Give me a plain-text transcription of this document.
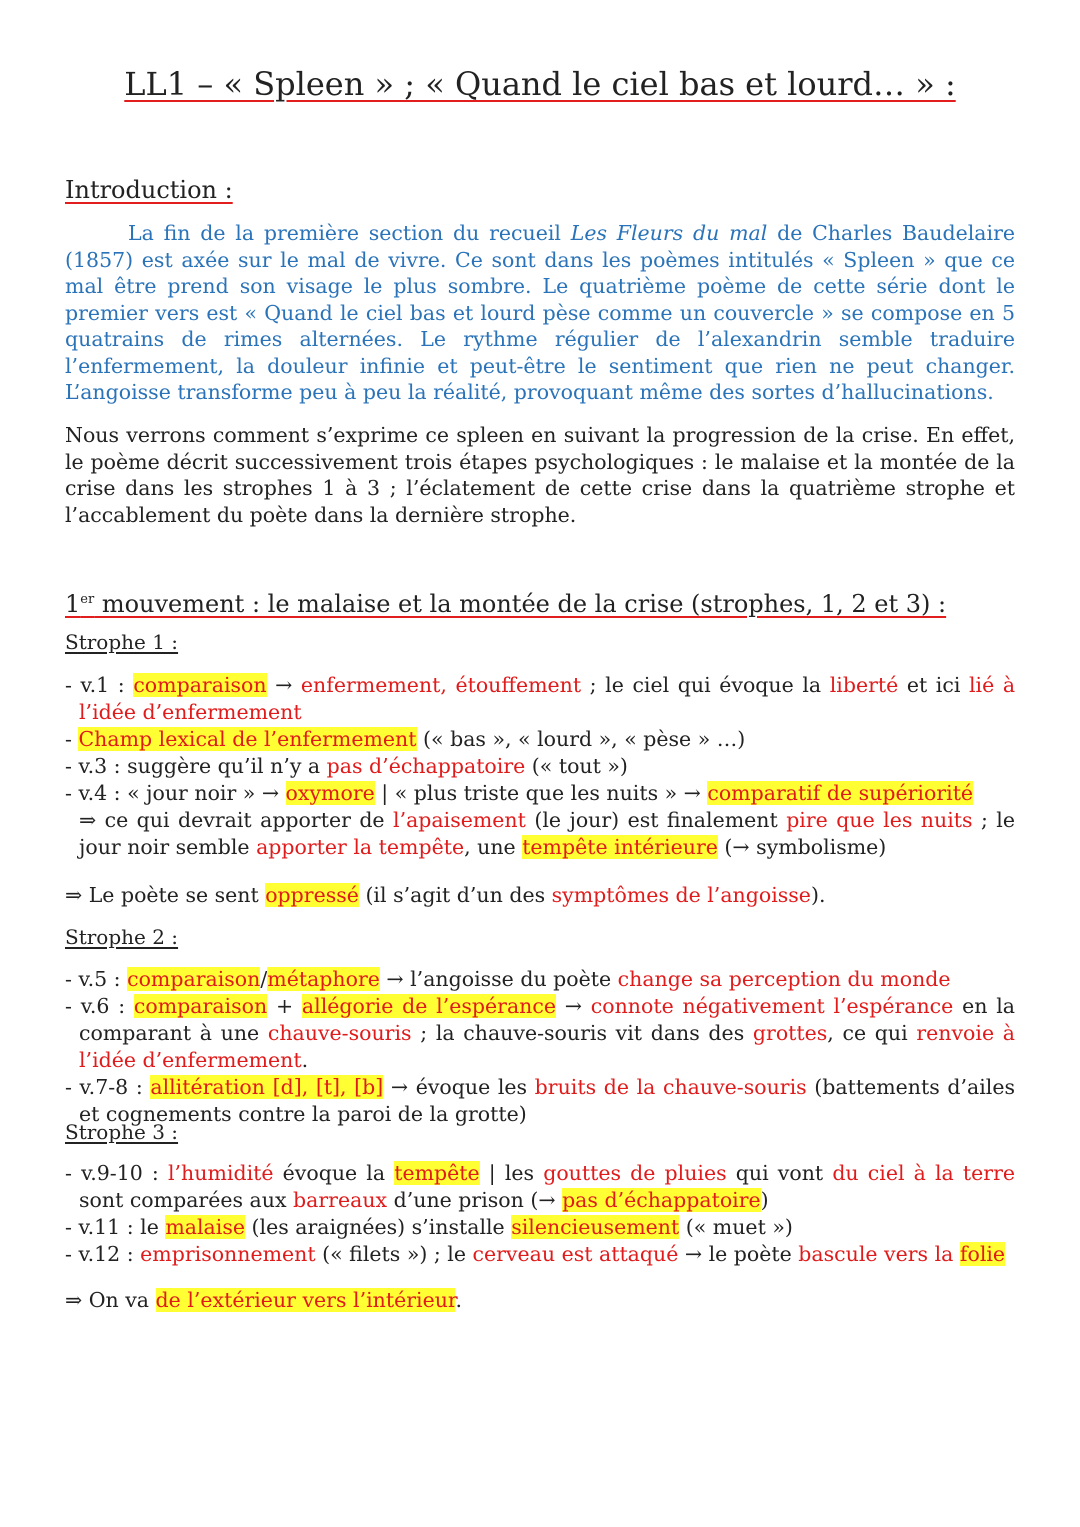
LL1 – « Spleen » ; « Quand le ciel bas et lourd… » :
Introduction :
La fin de la première section du recueil Les Fleurs du mal de Charles Baudelaire (1857) est axée sur le mal de vivre. Ce sont dans les poèmes intitulés « Spleen » que ce mal être prend son visage le plus sombre. Le quatrième poème de cette série dont le premier vers est « Quand le ciel bas et lourd pèse comme un couvercle » se compose en 5 quatrains de rimes alternées. Le rythme régulier de l’alexandrin semble traduire l’enfermement, la douleur infinie et peut-être le sentiment que rien ne peut changer. L’angoisse transforme peu à peu la réalité, provoquant même des sortes d’hallucinations.
Nous verrons comment s’exprime ce spleen en suivant la progression de la crise. En effet, le poème décrit successivement trois étapes psychologiques : le malaise et la montée de la crise dans les strophes 1 à 3 ; l’éclatement de cette crise dans la quatrième strophe et l’accablement du poète dans la dernière strophe.
1er mouvement : le malaise et la montée de la crise (strophes, 1, 2 et 3) :
Strophe 1 :
- v.1 : comparaison → enfermement, étouffement ; le ciel qui évoque la liberté et ici lié à l’idée d’enfermement
- Champ lexical de l’enfermement (« bas », « lourd », « pèse » …)
- v.3 : suggère qu’il n’y a pas d’échappatoire (« tout »)
- v.4 : « jour noir » → oxymore | « plus triste que les nuits » → comparatif de supériorité
⇒ ce qui devrait apporter de l’apaisement (le jour) est finalement pire que les nuits ; le jour noir semble apporter la tempête, une tempête intérieure (→ symbolisme)
⇒ Le poète se sent oppressé (il s’agit d’un des symptômes de l’angoisse).
Strophe 2 :
- v.5 : comparaison/métaphore → l’angoisse du poète change sa perception du monde
- v.6 : comparaison + allégorie de l’espérance → connote négativement l’espérance en la comparant à une chauve-souris ; la chauve-souris vit dans des grottes, ce qui renvoie à l’idée d’enfermement.
- v.7-8 : allitération [d], [t], [b] → évoque les bruits de la chauve-souris (battements d’ailes et cognements contre la paroi de la grotte)
Strophe 3 :
- v.9-10 : l’humidité évoque la tempête | les gouttes de pluies qui vont du ciel à la terre sont comparées aux barreaux d’une prison (→ pas d’échappatoire)
- v.11 : le malaise (les araignées) s’installe silencieusement (« muet »)
- v.12 : emprisonnement (« filets ») ; le cerveau est attaqué → le poète bascule vers la folie
⇒ On va de l’extérieur vers l’intérieur.
